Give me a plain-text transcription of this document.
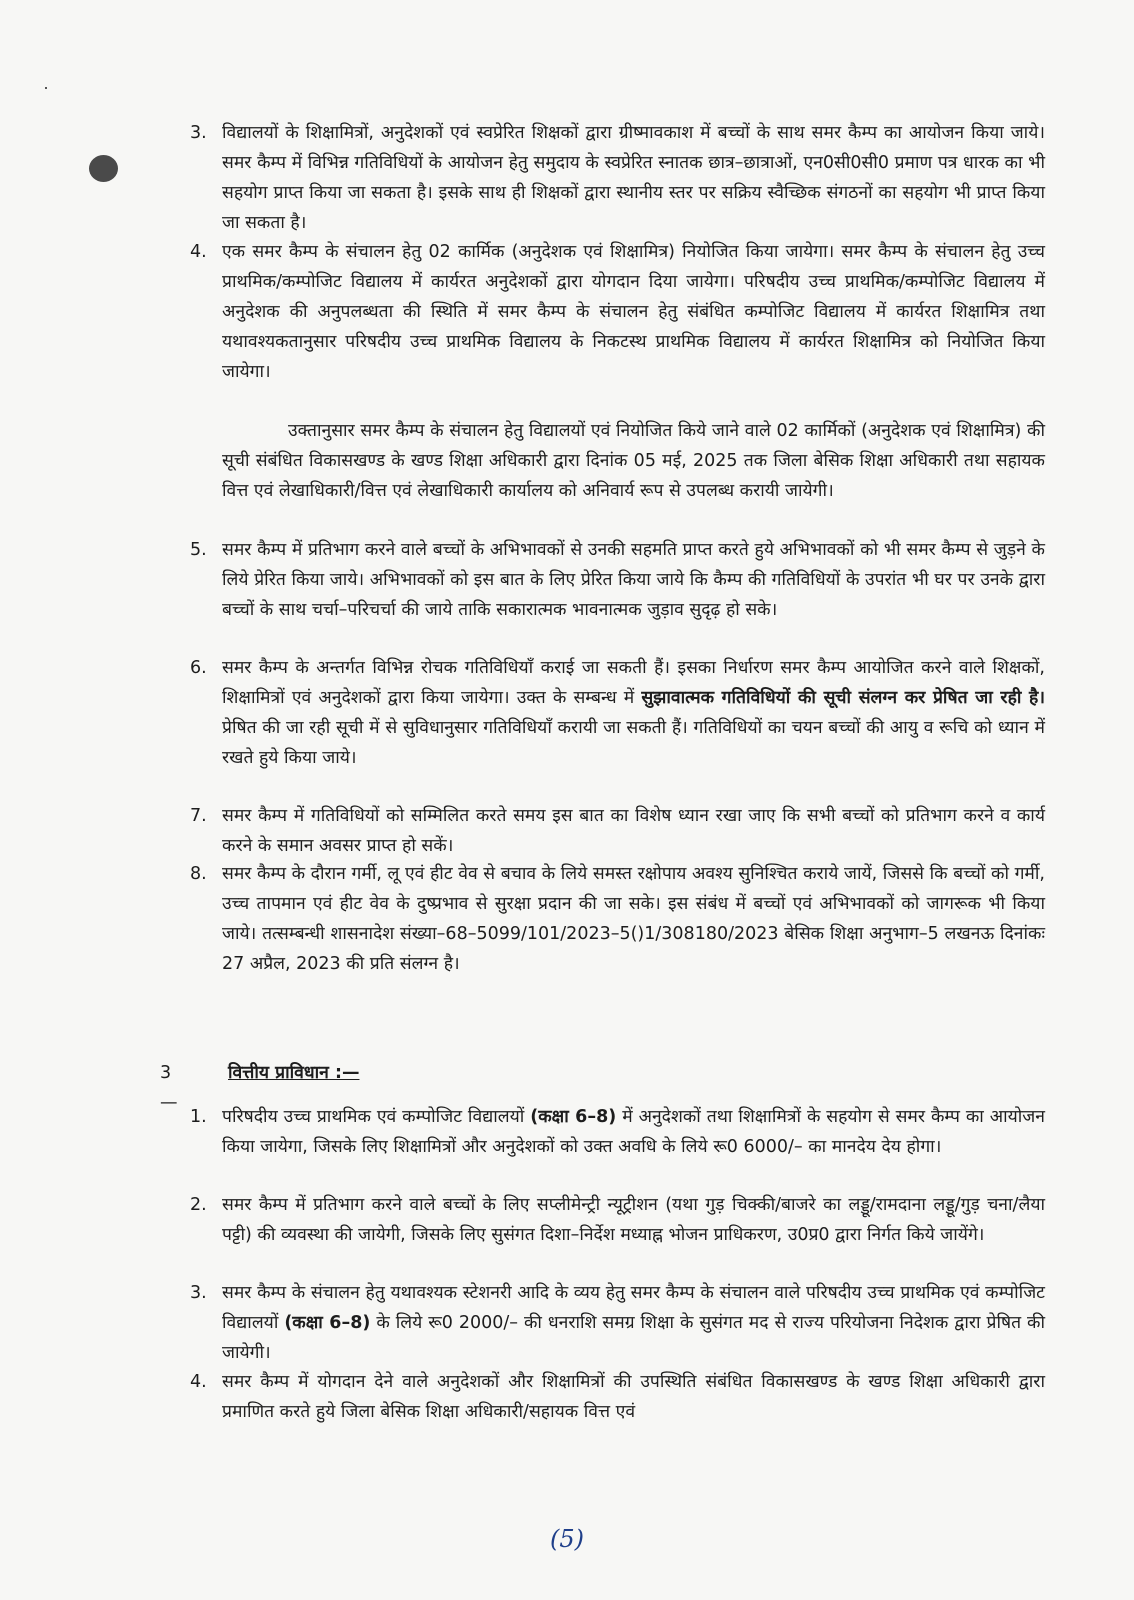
3. विद्यालयों के शिक्षामित्रों, अनुदेशकों एवं स्वप्रेरित शिक्षकों द्वारा ग्रीष्मावकाश में बच्चों के साथ समर कैम्प का आयोजन किया जाये। समर कैम्प में विभिन्न गतिविधियों के आयोजन हेतु समुदाय के स्वप्रेरित स्नातक छात्र–छात्राओं, एन0सी0सी0 प्रमाण पत्र धारक का भी सहयोग प्राप्त किया जा सकता है। इसके साथ ही शिक्षकों द्वारा स्थानीय स्तर पर सक्रिय स्वैच्छिक संगठनों का सहयोग भी प्राप्त किया जा सकता है।
4. एक समर कैम्प के संचालन हेतु 02 कार्मिक (अनुदेशक एवं शिक्षामित्र) नियोजित किया जायेगा। समर कैम्प के संचालन हेतु उच्च प्राथमिक/कम्पोजिट विद्यालय में कार्यरत अनुदेशकों द्वारा योगदान दिया जायेगा। परिषदीय उच्च प्राथमिक/कम्पोजिट विद्यालय में अनुदेशक की अनुपलब्धता की स्थिति में समर कैम्प के संचालन हेतु संबंधित कम्पोजिट विद्यालय में कार्यरत शिक्षामित्र तथा यथावश्यकतानुसार परिषदीय उच्च प्राथमिक विद्यालय के निकटस्थ प्राथमिक विद्यालय में कार्यरत शिक्षामित्र को नियोजित किया जायेगा।
उक्तानुसार समर कैम्प के संचालन हेतु विद्यालयों एवं नियोजित किये जाने वाले 02 कार्मिकों (अनुदेशक एवं शिक्षामित्र) की सूची संबंधित विकासखण्ड के खण्ड शिक्षा अधिकारी द्वारा दिनांक 05 मई, 2025 तक जिला बेसिक शिक्षा अधिकारी तथा सहायक वित्त एवं लेखाधिकारी/वित्त एवं लेखाधिकारी कार्यालय को अनिवार्य रूप से उपलब्ध करायी जायेगी।
5. समर कैम्प में प्रतिभाग करने वाले बच्चों के अभिभावकों से उनकी सहमति प्राप्त करते हुये अभिभावकों को भी समर कैम्प से जुड़ने के लिये प्रेरित किया जाये। अभिभावकों को इस बात के लिए प्रेरित किया जाये कि कैम्प की गतिविधियों के उपरांत भी घर पर उनके द्वारा बच्चों के साथ चर्चा–परिचर्चा की जाये ताकि सकारात्मक भावनात्मक जुड़ाव सुदृढ़ हो सके।
6. समर कैम्प के अन्तर्गत विभिन्न रोचक गतिविधियाँ कराई जा सकती हैं। इसका निर्धारण समर कैम्प आयोजित करने वाले शिक्षकों, शिक्षामित्रों एवं अनुदेशकों द्वारा किया जायेगा। उक्त के सम्बन्ध में सुझावात्मक गतिविधियों की सूची संलग्न कर प्रेषित जा रही है। प्रेषित की जा रही सूची में से सुविधानुसार गतिविधियाँ करायी जा सकती हैं। गतिविधियों का चयन बच्चों की आयु व रूचि को ध्यान में रखते हुये किया जाये।
7. समर कैम्प में गतिविधियों को सम्मिलित करते समय इस बात का विशेष ध्यान रखा जाए कि सभी बच्चों को प्रतिभाग करने व कार्य करने के समान अवसर प्राप्त हो सकें।
8. समर कैम्प के दौरान गर्मी, लू एवं हीट वेव से बचाव के लिये समस्त रक्षोपाय अवश्य सुनिश्चित कराये जायें, जिससे कि बच्चों को गर्मी, उच्च तापमान एवं हीट वेव के दुष्प्रभाव से सुरक्षा प्रदान की जा सके। इस संबंध में बच्चों एवं अभिभावकों को जागरूक भी किया जाये। तत्सम्बन्धी शासनादेश संख्या–68–5099/101/2023–5()1/308180/2023 बेसिक शिक्षा अनुभाग–5 लखनऊ दिनांकः 27 अप्रैल, 2023 की प्रति संलग्न है।
3—
वित्तीय प्राविधान :—
1. परिषदीय उच्च प्राथमिक एवं कम्पोजिट विद्यालयों (कक्षा 6–8) में अनुदेशकों तथा शिक्षामित्रों के सहयोग से समर कैम्प का आयोजन किया जायेगा, जिसके लिए शिक्षामित्रों और अनुदेशकों को उक्त अवधि के लिये रू0 6000/– का मानदेय देय होगा।
2. समर कैम्प में प्रतिभाग करने वाले बच्चों के लिए सप्लीमेन्ट्री न्यूट्रीशन (यथा गुड़ चिक्की/बाजरे का लड्डू/रामदाना लड्डू/गुड़ चना/लैया पट्टी) की व्यवस्था की जायेगी, जिसके लिए सुसंगत दिशा–निर्देश मध्याह्न भोजन प्राधिकरण, उ0प्र0 द्वारा निर्गत किये जायेंगे।
3. समर कैम्प के संचालन हेतु यथावश्यक स्टेशनरी आदि के व्यय हेतु समर कैम्प के संचालन वाले परिषदीय उच्च प्राथमिक एवं कम्पोजिट विद्यालयों (कक्षा 6–8) के लिये रू0 2000/– की धनराशि समग्र शिक्षा के सुसंगत मद से राज्य परियोजना निदेशक द्वारा प्रेषित की जायेगी।
4. समर कैम्प में योगदान देने वाले अनुदेशकों और शिक्षामित्रों की उपस्थिति संबंधित विकासखण्ड के खण्ड शिक्षा अधिकारी द्वारा प्रमाणित करते हुये जिला बेसिक शिक्षा अधिकारी/सहायक वित्त एवं
(5)
